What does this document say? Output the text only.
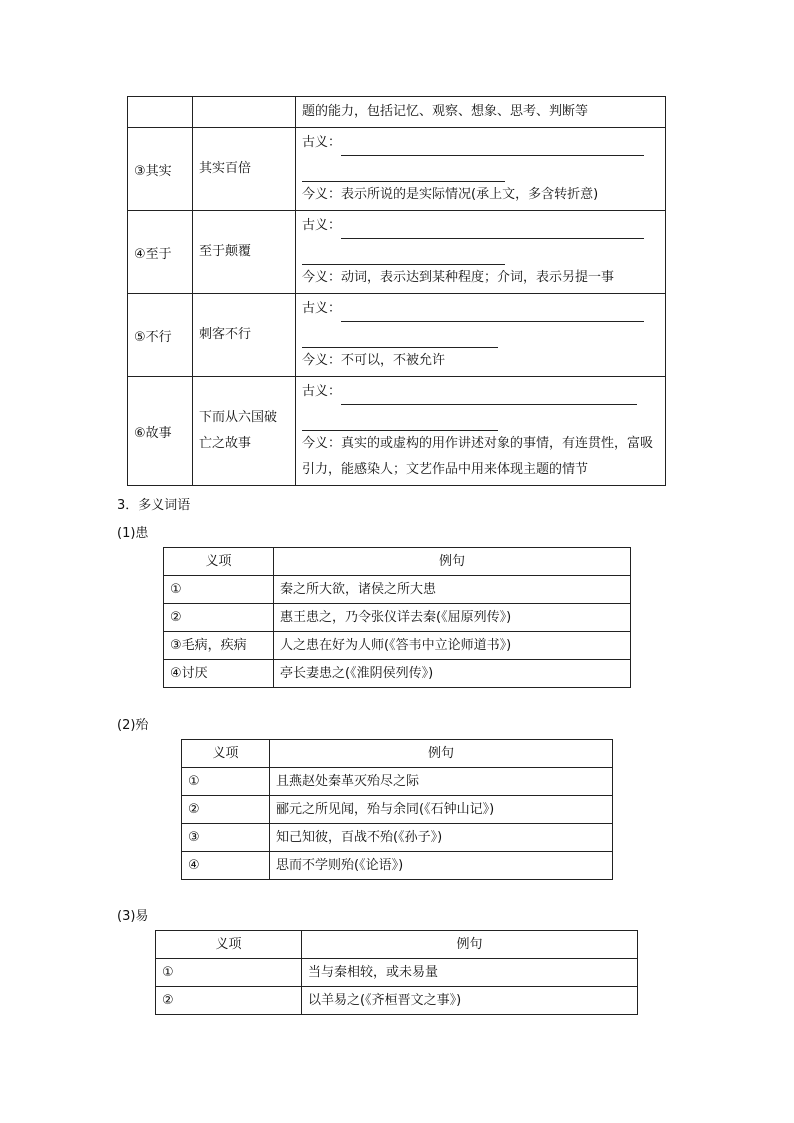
		题的能力，包括记忆、观察、想象、思考、判断等

③其实	其实百倍	古义：
今义：表示所说的是实际情况(承上文，多含转折意)

④至于	至于颠覆	古义：
今义：动词，表示达到某种程度；介词，表示另提一事

⑤不行	刺客不行	古义：
今义：不可以，不被允许

⑥故事	下而从六国破亡之故事	古义：
今义：真实的或虚构的用作讲述对象的事情，有连贯性，富吸引力，能感染人；文艺作品中用来体现主题的情节
3．多义词语
(1)患
义项	例句
①	秦之所大欲，诸侯之所大患
②	惠王患之，乃令张仪详去秦(《屈原列传》)
③毛病，疾病	人之患在好为人师(《答韦中立论师道书》)
④讨厌	亭长妻患之(《淮阴侯列传》)
(2)殆
义项	例句
①	且燕赵处秦革灭殆尽之际
②	郦元之所见闻，殆与余同(《石钟山记》)
③	知己知彼，百战不殆(《孙子》)
④	思而不学则殆(《论语》)
(3)易
义项	例句
①	当与秦相较，或未易量
②	以羊易之(《齐桓晋文之事》)
